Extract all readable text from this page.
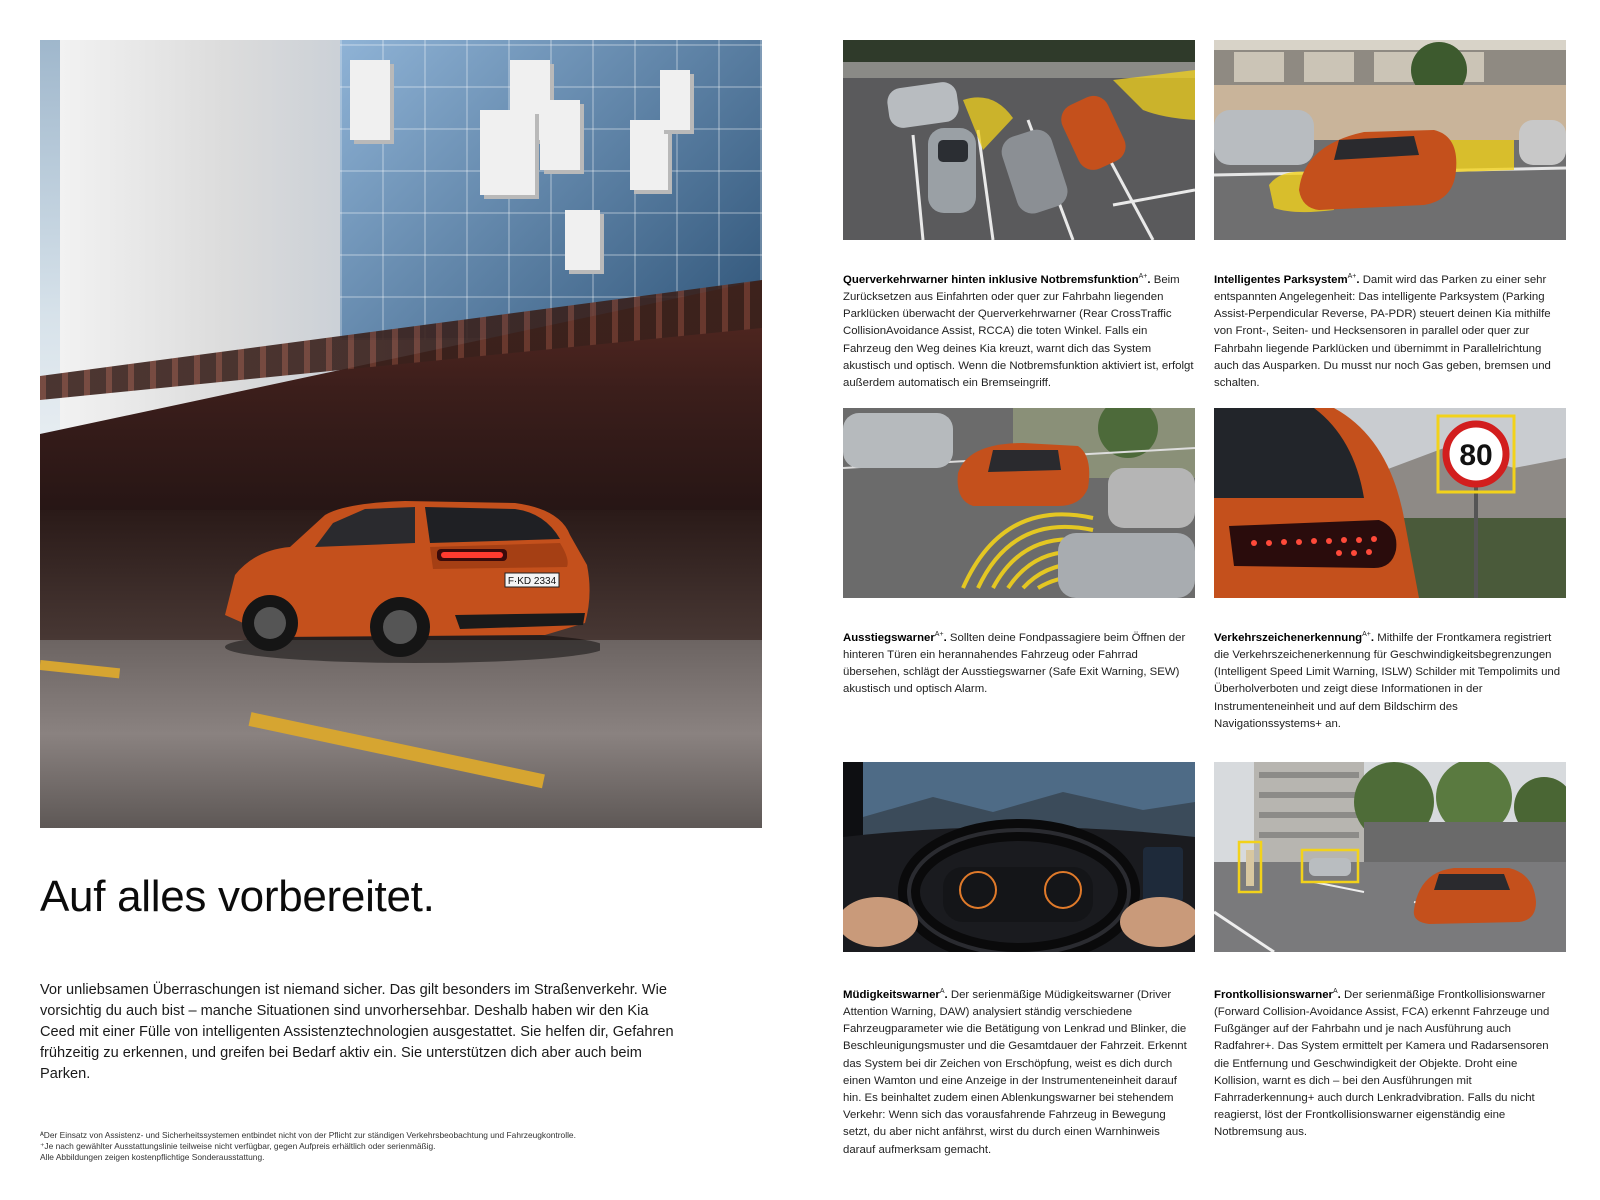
F·KD 2334
Auf alles vorbereitet.

Vor unliebsamen Überraschungen ist niemand sicher. Das gilt besonders im Straßenverkehr. Wie vorsichtig du auch bist – manche Situationen sind unvorhersehbar. Deshalb haben wir den Kia Ceed mit einer Fülle von intelligenten Assistenztechnologien ausgestattet. Sie helfen dir, Gefahren frühzeitig zu erkennen, und greifen bei Bedarf aktiv ein. Sie unterstützen dich aber auch beim Parken.

ᴬDer Einsatz von Assistenz- und Sicherheitssystemen entbindet nicht von der Pflicht zur ständigen Verkehrsbeobachtung und Fahrzeugkontrolle.
⁺Je nach gewählter Ausstattungslinie teilweise nicht verfügbar, gegen Aufpreis erhältlich oder serienmäßig.
Alle Abbildungen zeigen kostenpflichtige Sonderausstattung.
80

Querverkehrwarner hinten inklusive Notbremsfunktion$^{A+}$. Beim Zurücksetzen aus Einfahrten oder quer zur Fahrbahn liegenden Parklücken überwacht der Querverkehrwarner (Rear CrossTraffic CollisionAvoidance Assist, RCCA) die toten Winkel. Falls ein Fahrzeug den Weg deines Kia kreuzt, warnt dich das System akustisch und optisch. Wenn die Notbremsfunktion aktiviert ist, erfolgt außerdem automatisch ein Bremseingriff.

Intelligentes Parksystem$^{A+}$. Damit wird das Parken zu einer sehr entspannten Angelegenheit: Das intelligente Parksystem (Parking Assist-Perpendicular Reverse, PA-PDR) steuert deinen Kia mithilfe von Front-, Seiten- und Hecksensoren in parallel oder quer zur Fahrbahn liegende Parklücken und übernimmt in Parallelrichtung auch das Ausparken. Du musst nur noch Gas geben, bremsen und schalten.

Ausstiegswarner$^{A+}$. Sollten deine Fondpassagiere beim Öffnen der hinteren Türen ein herannahendes Fahrzeug oder Fahrrad übersehen, schlägt der Ausstiegswarner (Safe Exit Warning, SEW) akustisch und optisch Alarm.

Verkehrszeichenerkennung$^{A+}$. Mithilfe der Frontkamera registriert die Verkehrszeichenerkennung für Geschwindigkeitsbegrenzungen (Intelligent Speed Limit Warning, ISLW) Schilder mit Tempolimits und Überholverboten und zeigt diese Informationen in der Instrumenteneinheit und auf dem Bildschirm des Navigationssystems+ an.

Müdigkeitswarner$^A$. Der serienmäßige Müdigkeitswarner (Driver Attention Warning, DAW) analysiert ständig verschiedene Fahrzeugparameter wie die Betätigung von Lenkrad und Blinker, die Beschleunigungsmuster und die Gesamtdauer der Fahrzeit. Erkennt das System bei dir Zeichen von Erschöpfung, weist es dich durch einen Wamton und eine Anzeige in der Instrumenteneinheit darauf hin. Es beinhaltet zudem einen Ablenkungswarner bei stehendem Verkehr: Wenn sich das vorausfahrende Fahrzeug in Bewegung setzt, du aber nicht anfährst, wirst du durch einen Warnhinweis darauf aufmerksam gemacht.

Frontkollisionswarner$^A$. Der serienmäßige Frontkollisionswarner (Forward Collision-Avoidance Assist, FCA) erkennt Fahrzeuge und Fußgänger auf der Fahrbahn und je nach Ausführung auch Radfahrer+. Das System ermittelt per Kamera und Radarsensoren die Entfernung und Geschwindigkeit der Objekte. Droht eine Kollision, warnt es dich – bei den Ausführungen mit Fahrraderkennung+ auch durch Lenkradvibration. Falls du nicht reagierst, löst der Frontkollisionswarner eigenständig eine Notbremsung aus.
